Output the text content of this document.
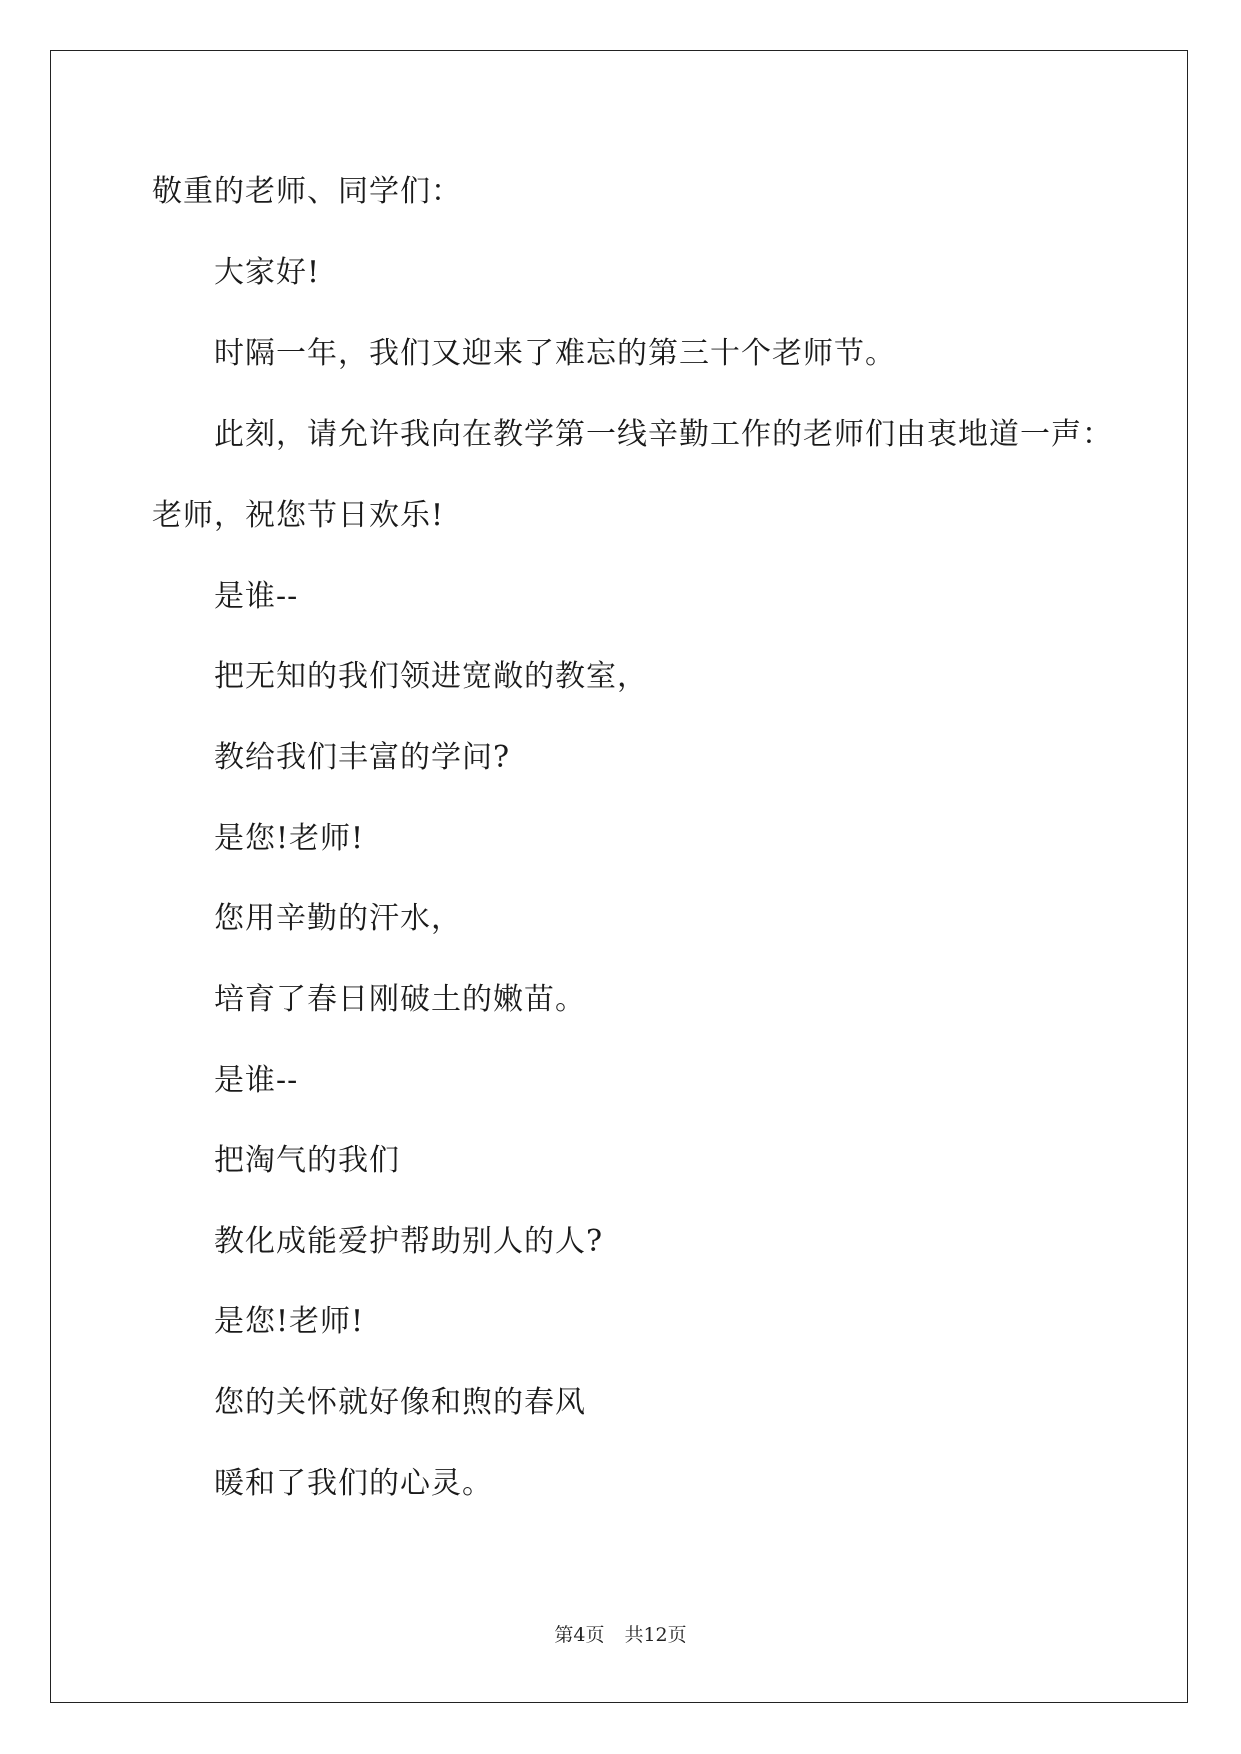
敬重的老师、同学们：
大家好!
时隔一年，我们又迎来了难忘的第三十个老师节。
此刻，请允许我向在教学第一线辛勤工作的老师们由衷地道一声：
老师，祝您节日欢乐!
是谁--
把无知的我们领进宽敞的教室，
教给我们丰富的学问?
是您!老师!
您用辛勤的汗水，
培育了春日刚破土的嫩苗。
是谁--
把淘气的我们
教化成能爱护帮助别人的人?
是您!老师!
您的关怀就好像和煦的春风
暖和了我们的心灵。
第4页 共12页
